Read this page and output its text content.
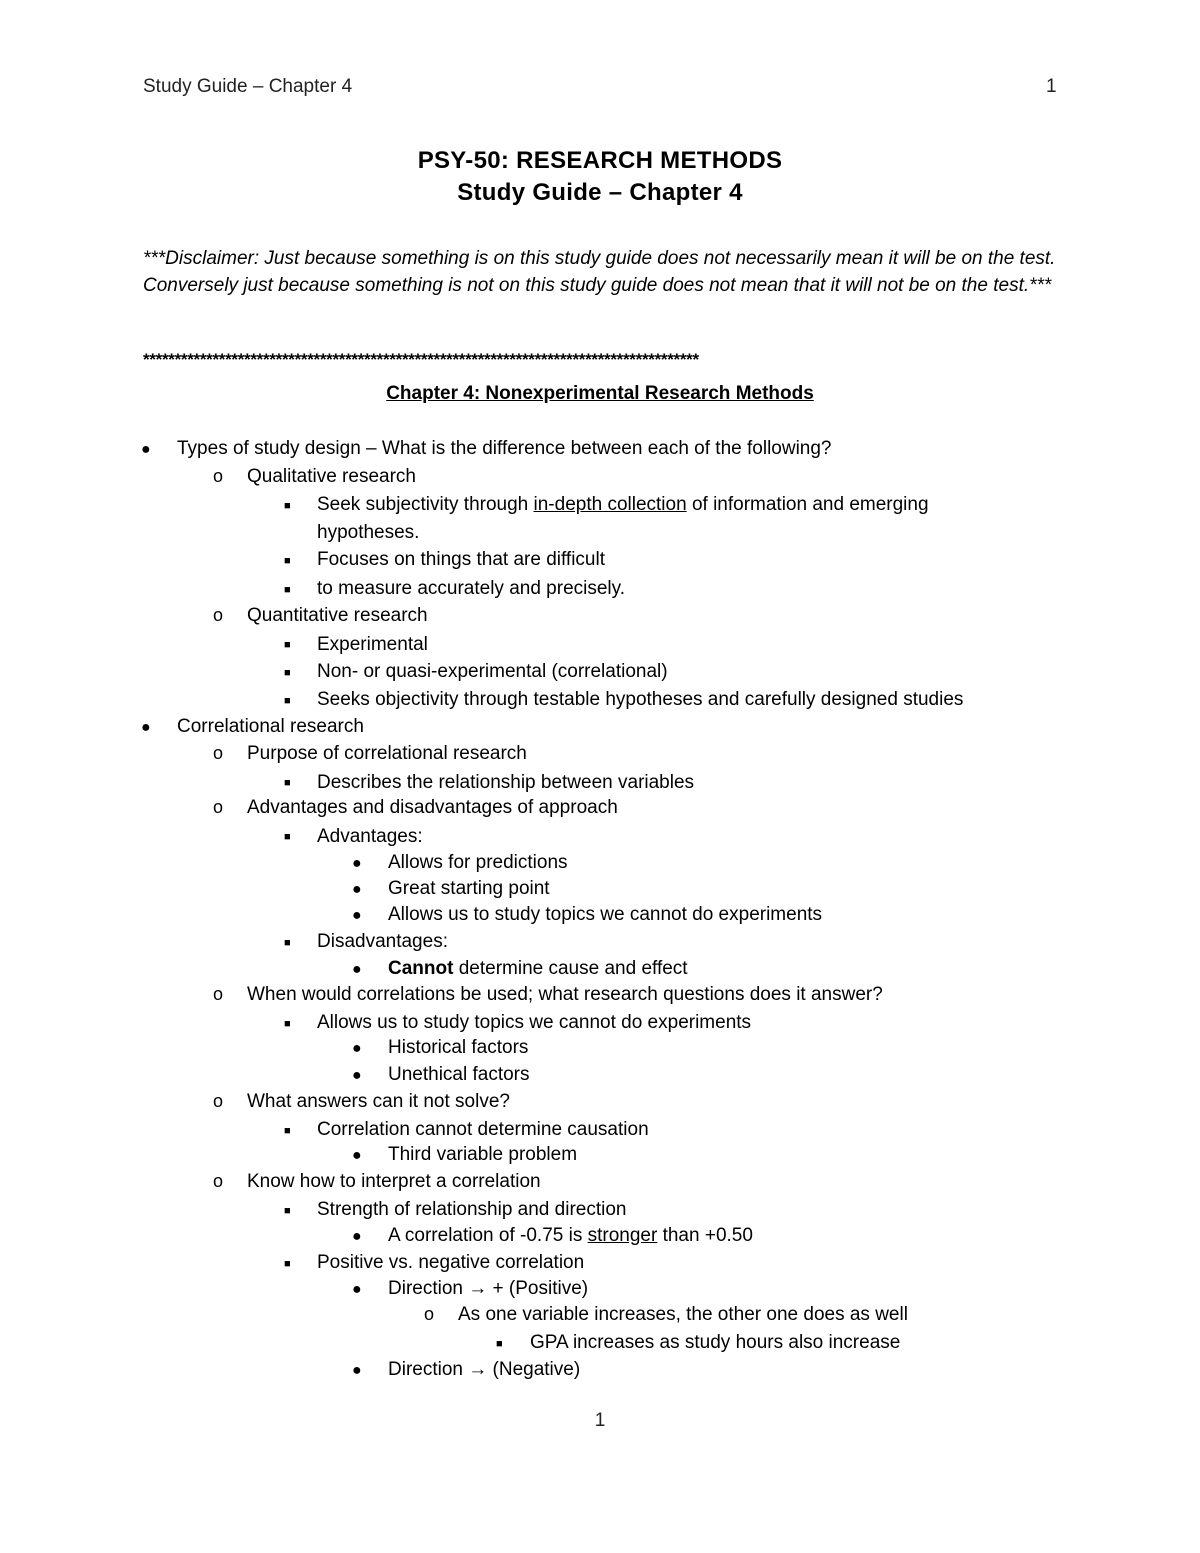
Study Guide – Chapter 4	1
PSY-50: RESEARCH METHODS
Study Guide – Chapter 4
***Disclaimer: Just because something is on this study guide does not necessarily mean it will be on the test. Conversely just because something is not on this study guide does not mean that it will not be on the test.***
****************************************************************************************
Chapter 4: Nonexperimental Research Methods
● Types of study design – What is the difference between each of the following?
o Qualitative research
■ Seek subjectivity through in-depth collection of information and emerging
hypotheses.
■ Focuses on things that are difficult
■ to measure accurately and precisely.
o Quantitative research
■ Experimental
■ Non- or quasi-experimental (correlational)
■ Seeks objectivity through testable hypotheses and carefully designed studies
● Correlational research
o Purpose of correlational research
■ Describes the relationship between variables
o Advantages and disadvantages of approach
■ Advantages:
● Allows for predictions
● Great starting point
● Allows us to study topics we cannot do experiments
■ Disadvantages:
● Cannot determine cause and effect
o When would correlations be used; what research questions does it answer?
■ Allows us to study topics we cannot do experiments
● Historical factors
● Unethical factors
o What answers can it not solve?
■ Correlation cannot determine causation
● Third variable problem
o Know how to interpret a correlation
■ Strength of relationship and direction
● A correlation of -0.75 is stronger than +0.50
■ Positive vs. negative correlation
● Direction → + (Positive)
o As one variable increases, the other one does as well
■ GPA increases as study hours also increase
● Direction → (Negative)
1
